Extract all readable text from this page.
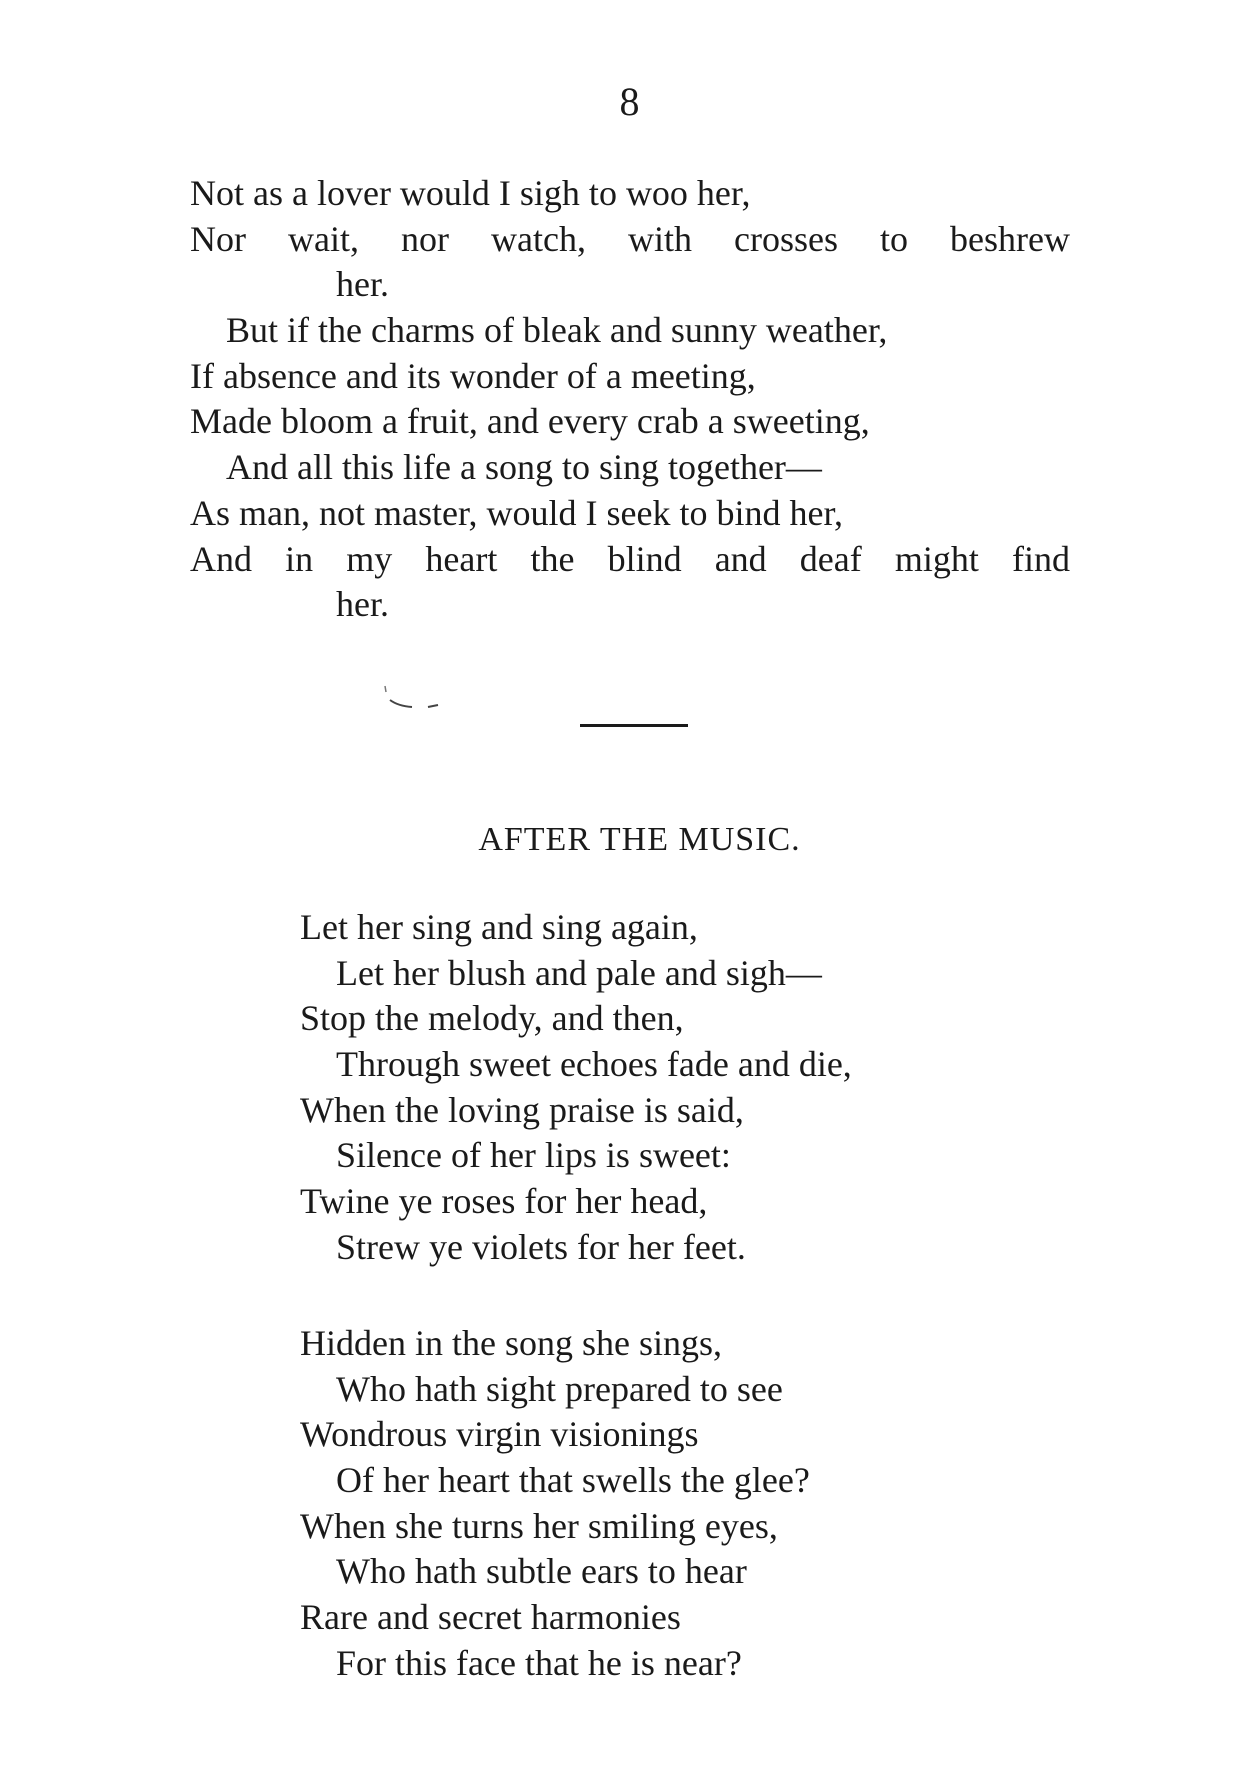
8
Not as a lover would I sigh to woo her,
Nor wait, nor watch, with crosses to beshrew
her.
But if the charms of bleak and sunny weather,
If absence and its wonder of a meeting,
Made bloom a fruit, and every crab a sweeting,
And all this life a song to sing together—
As man, not master, would I seek to bind her,
And in my heart the blind and deaf might find
her.
AFTER THE MUSIC.
Let her sing and sing again,
Let her blush and pale and sigh—
Stop the melody, and then,
Through sweet echoes fade and die,
When the loving praise is said,
Silence of her lips is sweet:
Twine ye roses for her head,
Strew ye violets for her feet.
Hidden in the song she sings,
Who hath sight prepared to see
Wondrous virgin visionings
Of her heart that swells the glee?
When she turns her smiling eyes,
Who hath subtle ears to hear
Rare and secret harmonies
For this face that he is near?
